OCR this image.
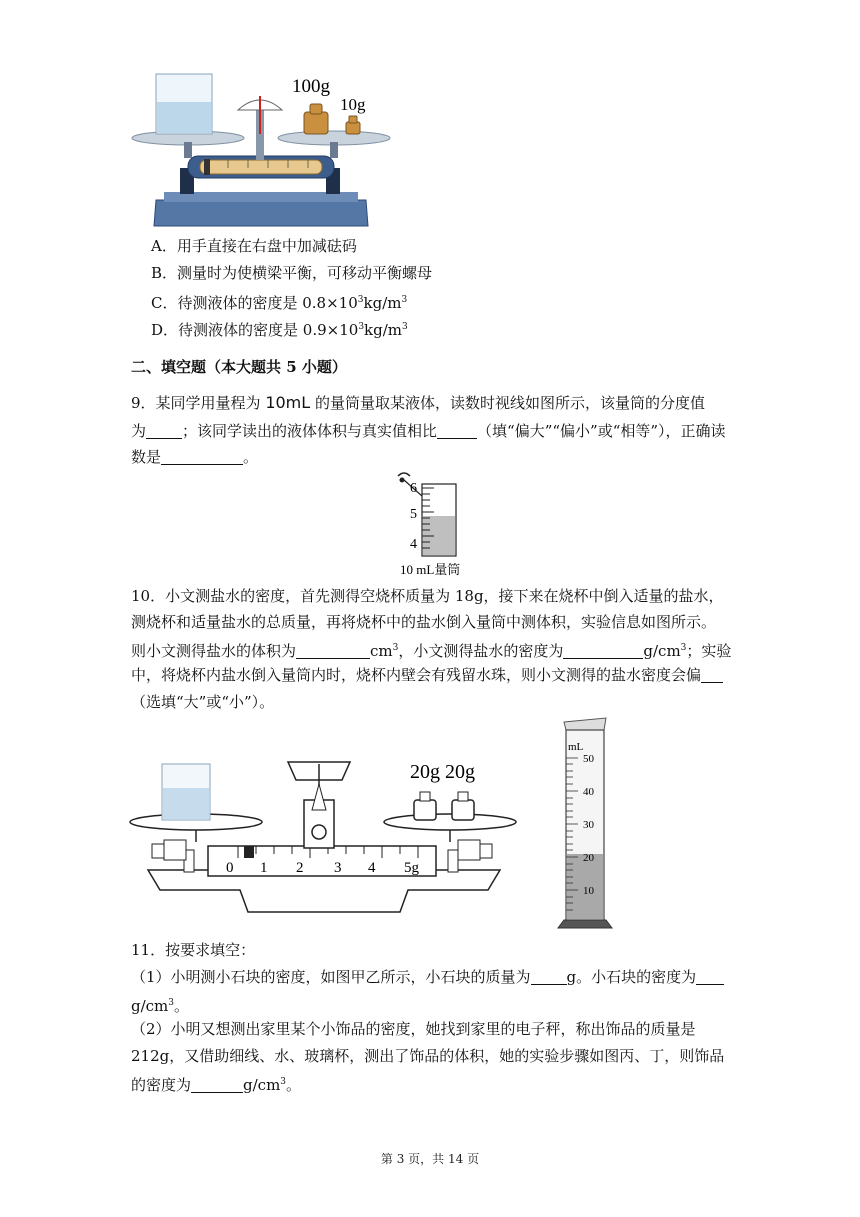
100g
10g
A．用手直接在右盘中加减砝码
B．测量时为使横梁平衡，可移动平衡螺母
C．待测液体的密度是 $0.8\times 10^3kg/m^3$
D．待测液体的密度是 $0.9\times 10^3kg/m^3$
二、填空题（本大题共 5 小题）
9．某同学用量程为 10mL 的量筒量取某液体，读数时视线如图所示，该量筒的分度值
为 ；该同学读出的液体体积与真实值相比	（填“偏大”“偏小”或“相等”），正确读
数是	。
6
5
4
10 mL量筒
10．小文测盐水的密度，首先测得空烧杯质量为 18g，接下来在烧杯中倒入适量的盐水，
测烧杯和适量盐水的总质量，再将烧杯中的盐水倒入量筒中测体积，实验信息如图所示。
则小文测得盐水的体积为	$cm^3$，小文测得盐水的密度为	$g/cm^3$；实验
中，将烧杯内盐水倒入量筒内时，烧杯内壁会有残留水珠，则小文测得的盐水密度会偏
（选填“大”或“小”）。
0 1 2 3 4 5g
20g 20g
mL
50
40
30
20
10
11．按要求填空：
（1）小明测小石块的密度，如图甲乙所示，小石块的质量为 g。小石块的密度为
$g/cm^3$。
（2）小明又想测出家里某个小饰品的密度，她找到家里的电子秤，称出饰品的质量是
212g，又借助细线、水、玻璃杯，测出了饰品的体积，她的实验步骤如图丙、丁，则饰品
的密度为	$g/cm^3$。
第 3 页，共 14 页
